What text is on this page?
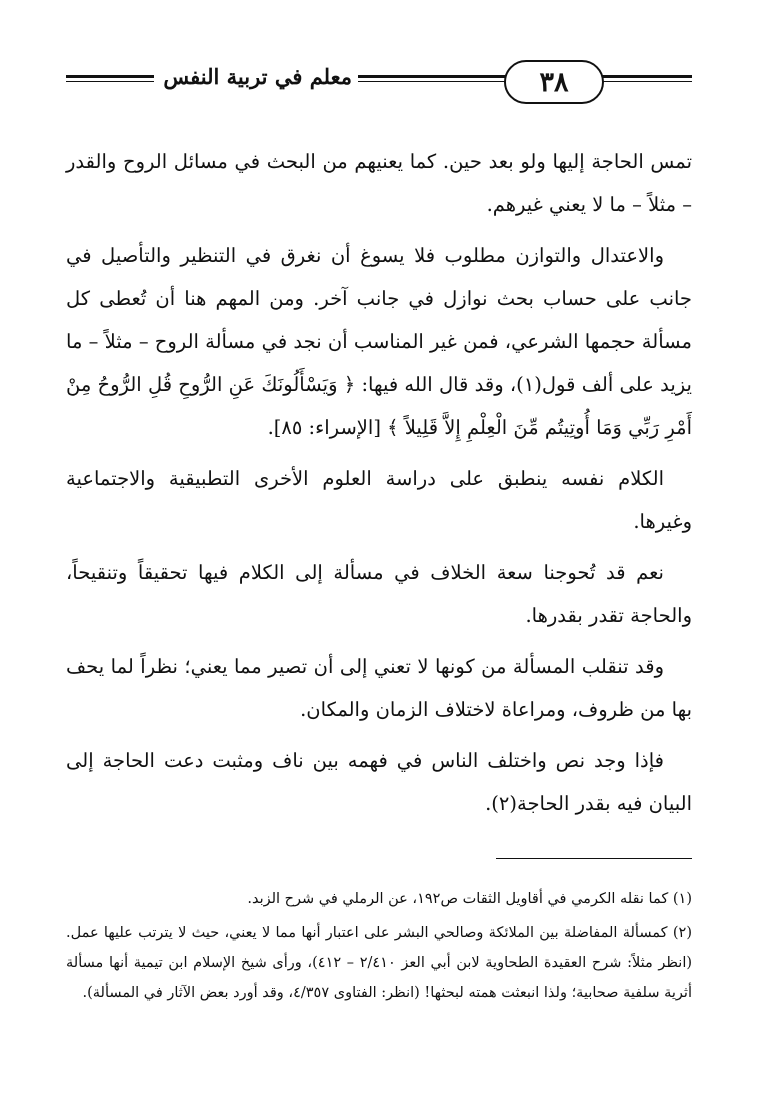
٣٨
معلم في تربية النفس

تمس الحاجة إليها ولو بعد حين. كما يعنيهم من البحث في مسائل الروح والقدر – مثلاً – ما لا يعني غيرهم.

والاعتدال والتوازن مطلوب فلا يسوغ أن نغرق في التنظير والتأصيل في جانب على حساب بحث نوازل في جانب آخر. ومن المهم هنا أن تُعطى كل مسألة حجمها الشرعي، فمن غير المناسب أن نجد في مسألة الروح – مثلاً – ما يزيد على ألف قول(١)، وقد قال الله فيها: ﴿ وَيَسْأَلُونَكَ عَنِ الرُّوحِ قُلِ الرُّوحُ مِنْ أَمْرِ رَبِّي وَمَا أُوتِيتُم مِّنَ الْعِلْمِ إِلاَّ قَلِيلاً ﴾ [الإسراء: ٨٥].

الكلام نفسه ينطبق على دراسة العلوم الأخرى التطبيقية والاجتماعية وغيرها.

نعم قد تُحوجنا سعة الخلاف في مسألة إلى الكلام فيها تحقيقاً وتنقيحاً، والحاجة تقدر بقدرها.

وقد تنقلب المسألة من كونها لا تعني إلى أن تصير مما يعني؛ نظراً لما يحف بها من ظروف، ومراعاة لاختلاف الزمان والمكان.

فإذا وجد نص واختلف الناس في فهمه بين ناف ومثبت دعت الحاجة إلى البيان فيه بقدر الحاجة(٢).

(١) كما نقله الكرمي في أقاويل الثقات ص١٩٢، عن الرملي في شرح الزبد.

(٢) كمسألة المفاضلة بين الملائكة وصالحي البشر على اعتبار أنها مما لا يعني، حيث لا يترتب عليها عمل. (انظر مثلاً: شرح العقيدة الطحاوية لابن أبي العز ٢/٤١٠ – ٤١٢)، ورأى شيخ الإسلام ابن تيمية أنها مسألة أثرية سلفية صحابية؛ ولذا انبعثت همته لبحثها! (انظر: الفتاوى ٤/٣٥٧، وقد أورد بعض الآثار في المسألة).
